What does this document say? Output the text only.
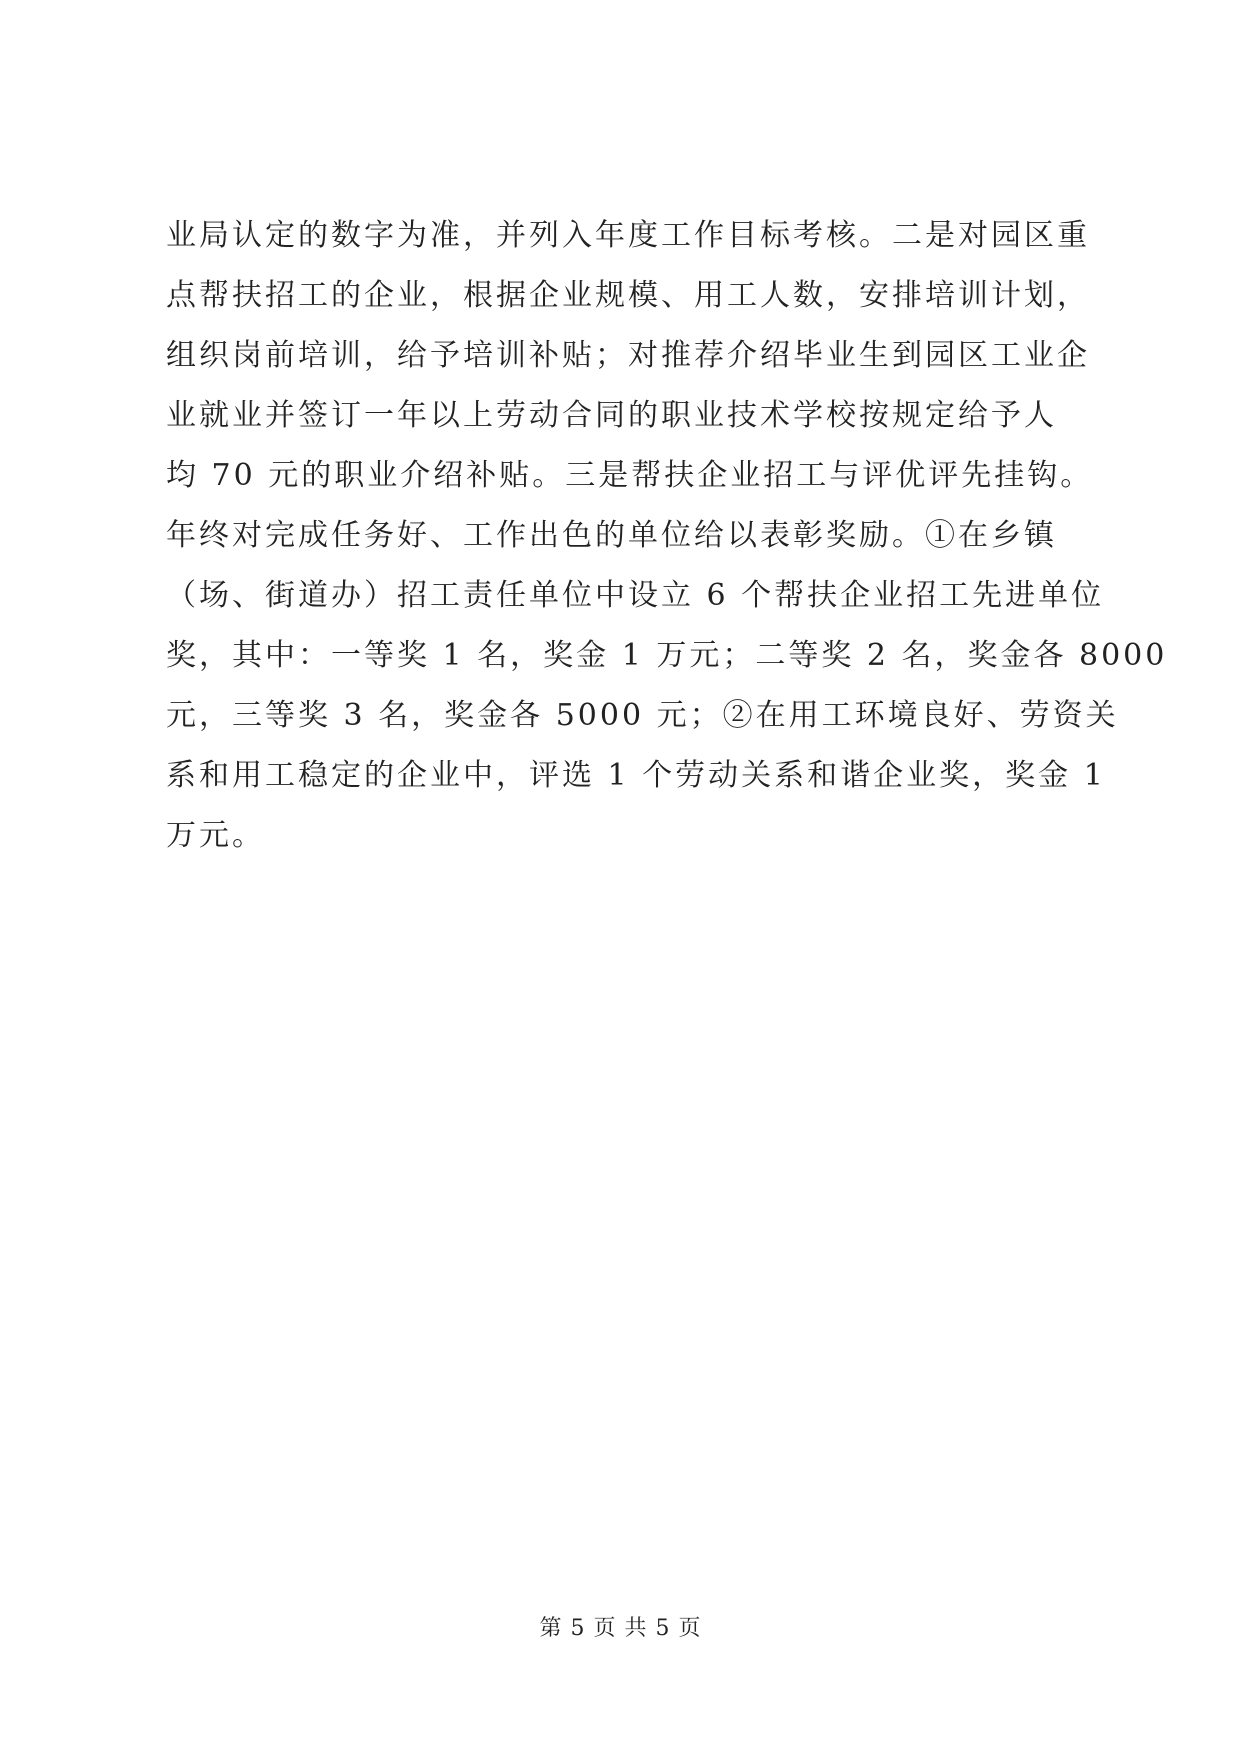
业局认定的数字为准，并列入年度工作目标考核。二是对园区重
点帮扶招工的企业，根据企业规模、用工人数，安排培训计划，
组织岗前培训，给予培训补贴；对推荐介绍毕业生到园区工业企
业就业并签订一年以上劳动合同的职业技术学校按规定给予人
均 70 元的职业介绍补贴。三是帮扶企业招工与评优评先挂钩。
年终对完成任务好、工作出色的单位给以表彰奖励。①在乡镇
（场、街道办）招工责任单位中设立 6 个帮扶企业招工先进单位
奖，其中：一等奖 1 名，奖金 1 万元；二等奖 2 名，奖金各 8000
元，三等奖 3 名，奖金各 5000 元；②在用工环境良好、劳资关
系和用工稳定的企业中，评选 1 个劳动关系和谐企业奖，奖金 1
万元。
第 5 页 共 5 页
